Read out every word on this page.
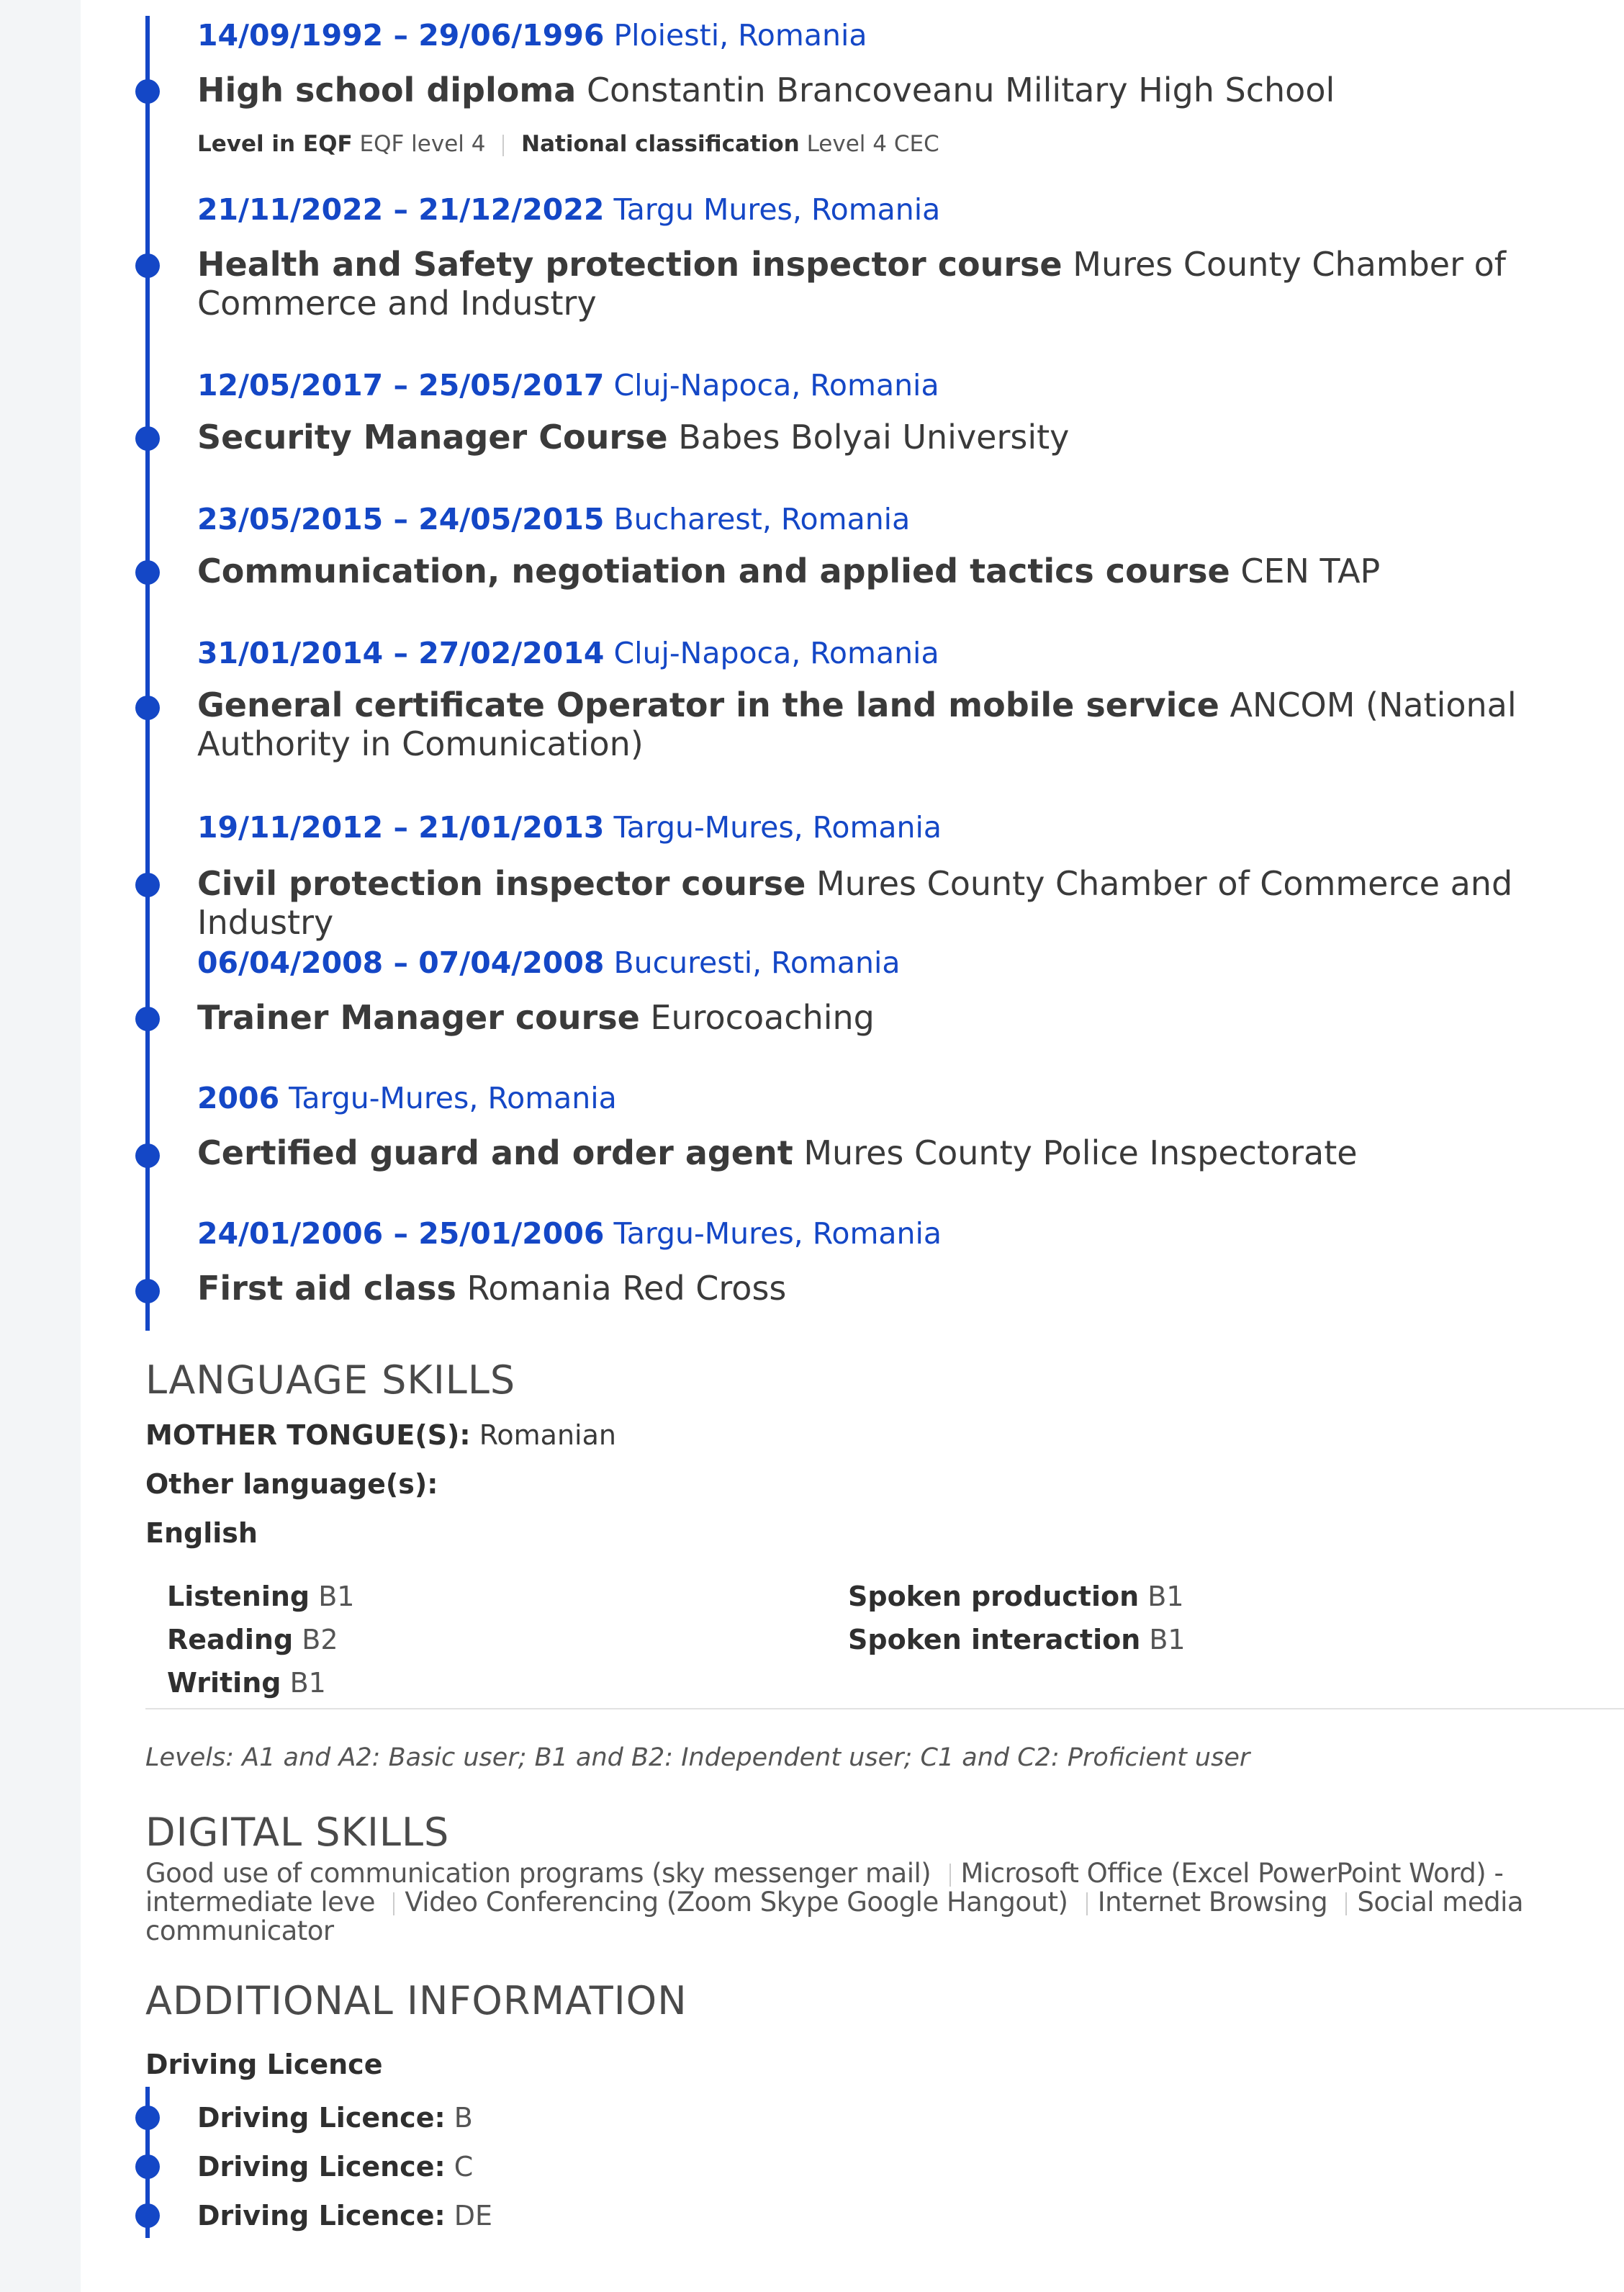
14/09/1992 – 29/06/1996 Ploiesti, Romania
High school diploma Constantin Brancoveanu Military High School
Level in EQF EQF level 4 National classification Level 4 CEC
21/11/2022 – 21/12/2022 Targu Mures, Romania
Health and Safety protection inspector course Mures County Chamber of Commerce and Industry
12/05/2017 – 25/05/2017 Cluj-Napoca, Romania
Security Manager Course Babes Bolyai University
23/05/2015 – 24/05/2015 Bucharest, Romania
Communication, negotiation and applied tactics course CEN TAP
31/01/2014 – 27/02/2014 Cluj-Napoca, Romania
General certificate Operator in the land mobile service ANCOM (National Authority in Comunication)
19/11/2012 – 21/01/2013 Targu-Mures, Romania
Civil protection inspector course Mures County Chamber of Commerce and Industry
06/04/2008 – 07/04/2008 Bucuresti, Romania
Trainer Manager course Eurocoaching
2006 Targu-Mures, Romania
Certified guard and order agent Mures County Police Inspectorate
24/01/2006 – 25/01/2006 Targu-Mures, Romania
First aid class Romania Red Cross
LANGUAGE SKILLS
MOTHER TONGUE(S): Romanian
Other language(s):
English
Listening B1
Reading B2
Writing B1
Spoken production B1
Spoken interaction B1
Levels: A1 and A2: Basic user; B1 and B2: Independent user; C1 and C2: Proficient user
DIGITAL SKILLS
Good use of communication programs (sky messenger mail) Microsoft Office (Excel PowerPoint Word) - intermediate leve Video Conferencing (Zoom Skype Google Hangout) Internet Browsing Social media communicator
ADDITIONAL INFORMATION
Driving Licence
Driving Licence: B
Driving Licence: C
Driving Licence: DE
